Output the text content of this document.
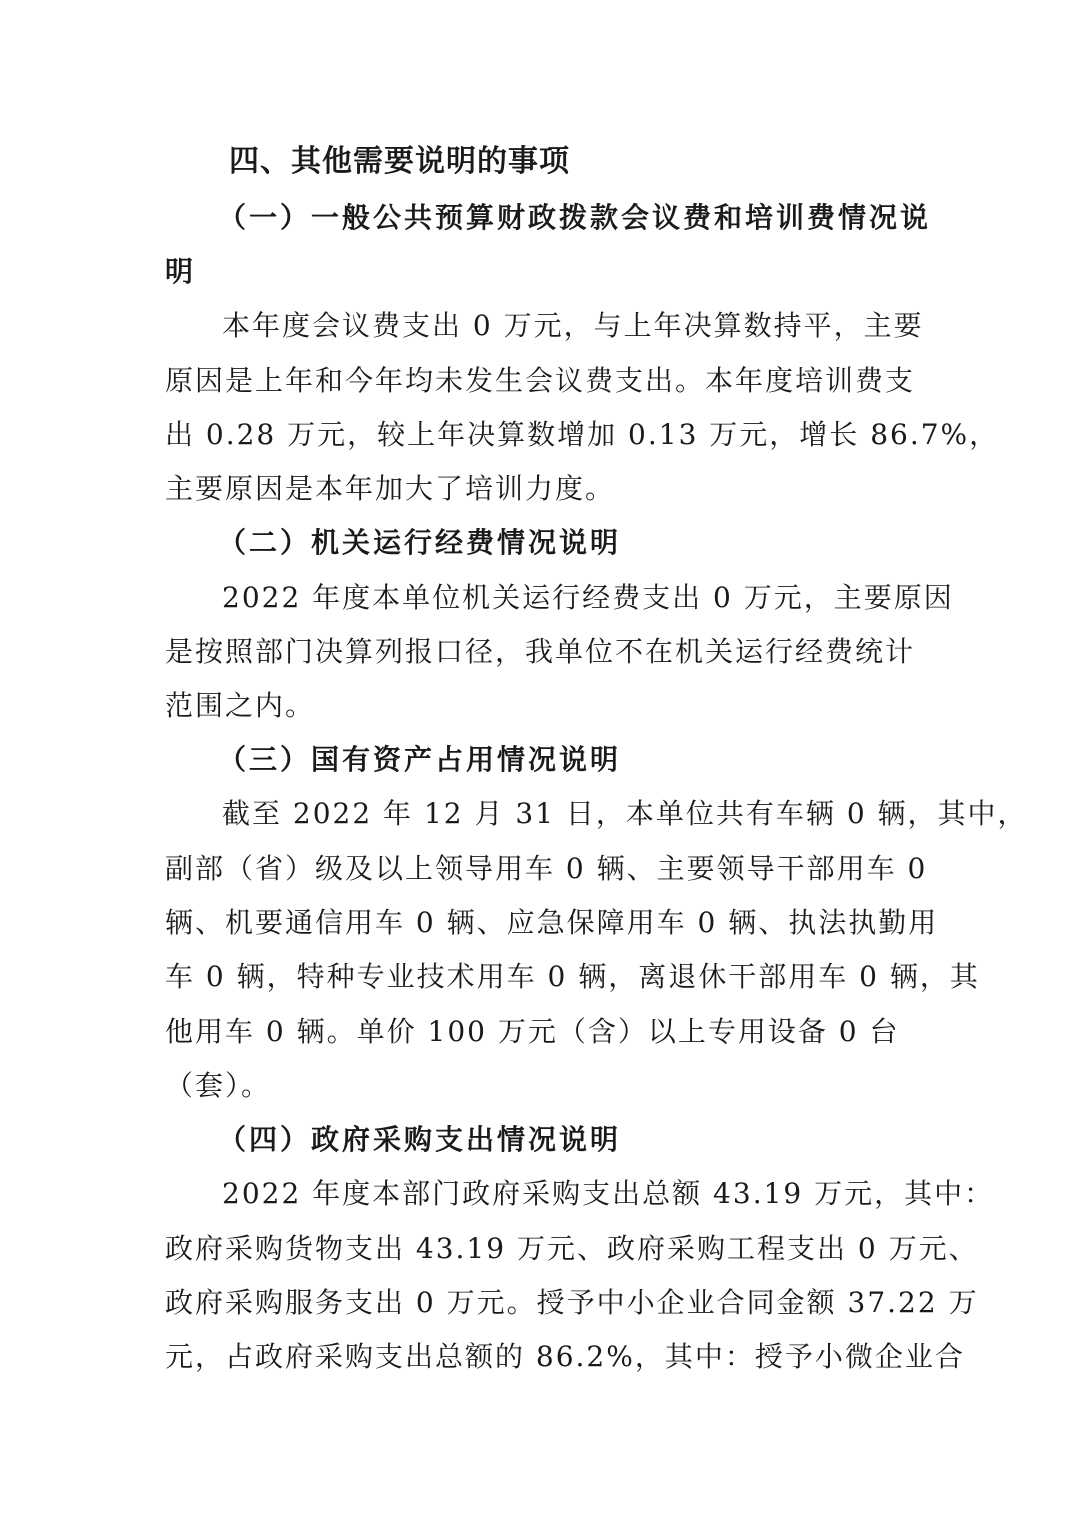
四、其他需要说明的事项
（一）一般公共预算财政拨款会议费和培训费情况说
明
本年度会议费支出 0 万元，与上年决算数持平，主要
原因是上年和今年均未发生会议费支出。本年度培训费支
出 0.28 万元，较上年决算数增加 0.13 万元，增长 86.7%，
主要原因是本年加大了培训力度。
（二）机关运行经费情况说明
2022 年度本单位机关运行经费支出 0 万元，主要原因
是按照部门决算列报口径，我单位不在机关运行经费统计
范围之内。
（三）国有资产占用情况说明
截至 2022 年 12 月 31 日，本单位共有车辆 0 辆，其中，
副部（省）级及以上领导用车 0 辆、主要领导干部用车 0
辆、机要通信用车 0 辆、应急保障用车 0 辆、执法执勤用
车 0 辆，特种专业技术用车 0 辆，离退休干部用车 0 辆，其
他用车 0 辆。单价 100 万元（含）以上专用设备 0 台
（套）。
（四）政府采购支出情况说明
2022 年度本部门政府采购支出总额 43.19 万元，其中：
政府采购货物支出 43.19 万元、政府采购工程支出 0 万元、
政府采购服务支出 0 万元。授予中小企业合同金额 37.22 万
元，占政府采购支出总额的 86.2%，其中：授予小微企业合
